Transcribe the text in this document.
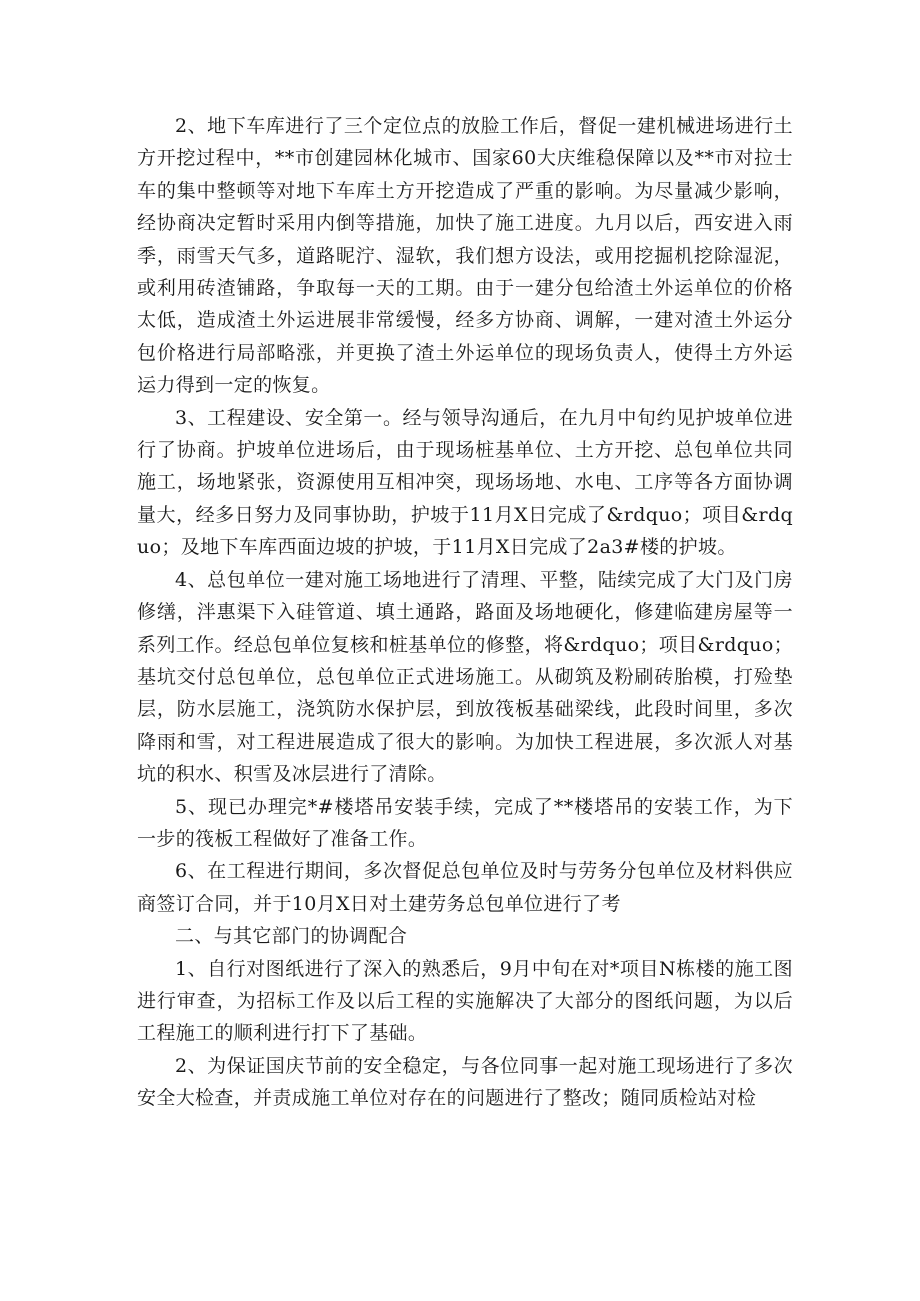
2、地下车库进行了三个定位点的放脸工作后，督促一建机械进场进行土方开挖过程中，**市创建园林化城市、国家60大庆维稳保障以及**市对拉士车的集中整顿等对地下车库土方开挖造成了严重的影响。为尽量减少影响，经协商决定暂时采用内倒等措施，加快了施工进度。九月以后，西安进入雨季，雨雪天气多，道路昵泞、湿软，我们想方设法，或用挖掘机挖除湿泥，或利用砖渣铺路，争取每一天的工期。由于一建分包给渣土外运单位的价格太低，造成渣土外运进展非常缓慢，经多方协商、调解，一建对渣土外运分包价格进行局部略涨，并更换了渣土外运单位的现场负责人，使得土方外运运力得到一定的恢复。

3、工程建设、安全第一。经与领导沟通后，在九月中旬约见护坡单位进行了协商。护坡单位进场后，由于现场桩基单位、土方开挖、总包单位共同施工，场地紧张，资源使用互相冲突，现场场地、水电、工序等各方面协调量大，经多日努力及同事协助，护坡于11月X日完成了&rdquo；项目&rdquo；及地下车库西面边坡的护坡，于11月X日完成了2a3#楼的护坡。

4、总包单位一建对施工场地进行了清理、平整，陆续完成了大门及门房修缮，泮惠渠下入硅管道、填土通路，路面及场地硬化，修建临建房屋等一系列工作。经总包单位复核和桩基单位的修整，将&rdquo；项目&rdquo；基坑交付总包单位，总包单位正式进场施工。从砌筑及粉刷砖胎模，打殓垫层，防水层施工，浇筑防水保护层，到放筏板基础梁线，此段时间里，多次降雨和雪，对工程进展造成了很大的影响。为加快工程进展，多次派人对基坑的积水、积雪及冰层进行了清除。

5、现已办理完*#楼塔吊安装手续，完成了**楼塔吊的安装工作，为下一步的筏板工程做好了准备工作。

6、在工程进行期间，多次督促总包单位及时与劳务分包单位及材料供应商签订合同，并于10月X日对土建劳务总包单位进行了考

二、与其它部门的协调配合

1、自行对图纸进行了深入的熟悉后，9月中旬在对*项目N栋楼的施工图进行审查，为招标工作及以后工程的实施解决了大部分的图纸问题，为以后工程施工的顺利进行打下了基础。

2、为保证国庆节前的安全稳定，与各位同事一起对施工现场进行了多次安全大检查，并责成施工单位对存在的问题进行了整改；随同质检站对检
